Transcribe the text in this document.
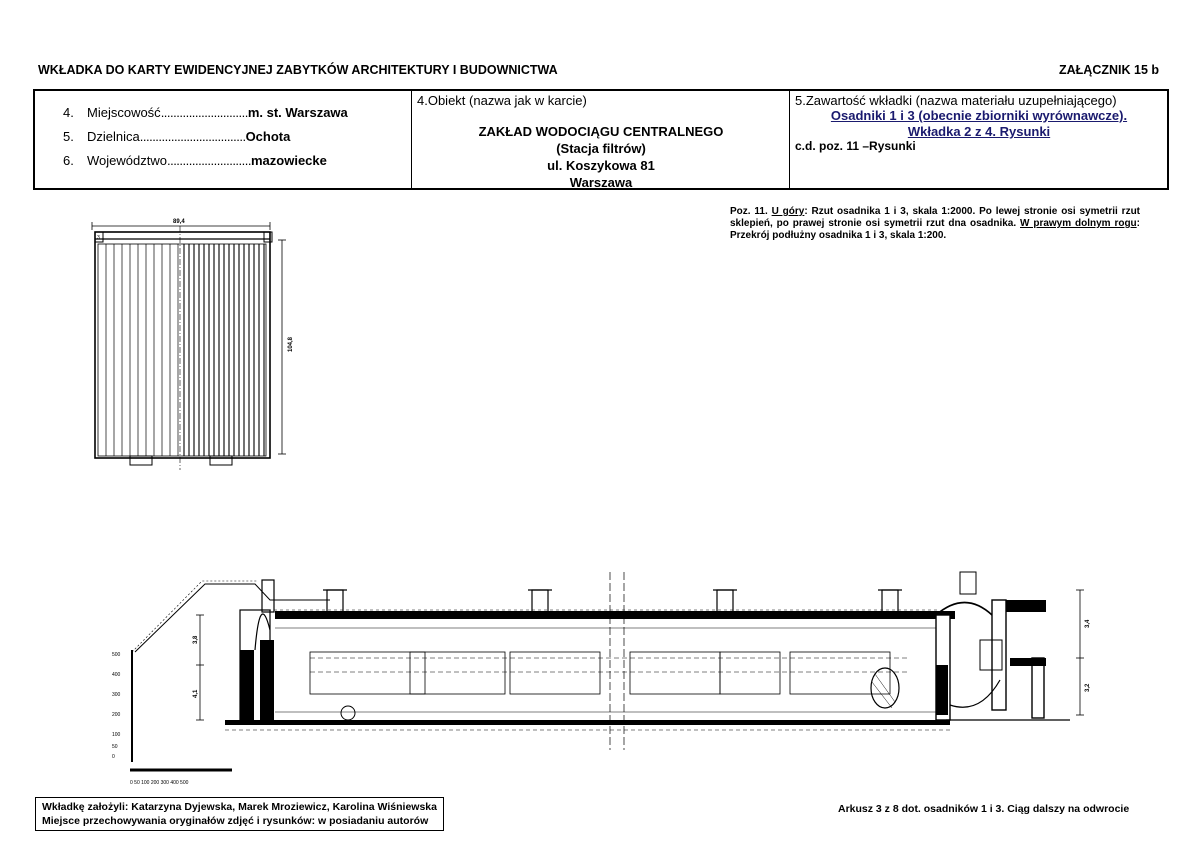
WKŁADKA DO KARTY EWIDENCYJNEJ ZABYTKÓW ARCHITEKTURY I BUDOWNICTWA	ZAŁĄCZNIK 15 b
4. Miejscowość............................m. st. Warszawa
5. Dzielnica..................................Ochota
6. Województwo...........................mazowiecke
4.Obiekt (nazwa jak w karcie)
ZAKŁAD WODOCIĄGU CENTRALNEGO
(Stacja filtrów)
ul. Koszykowa 81
Warszawa
5.Zawartość wkładki (nazwa materiału uzupełniającego)
Osadniki 1 i 3 (obecnie zbiorniki wyrównawcze).
Wkładka 2 z 4. Rysunki
c.d. poz. 11 –Rysunki
Poz. 11. U góry: Rzut osadnika 1 i 3, skala 1:2000. Po lewej stronie osi symetrii rzut sklepień, po prawej stronie osi symetrii rzut dna osadnika. W prawym dolnym rogu: Przekrój podłużny osadnika 1 i 3, skala 1:200.
89,4
104,8
3
500
400
300
200
100
50
0
0 50 100 200 300 400 500
3,8
4,1
3,4
3,2
Wkładkę założyli: Katarzyna Dyjewska, Marek Mroziewicz, Karolina Wiśniewska
Miejsce przechowywania oryginałów zdjęć i rysunków: w posiadaniu autorów
Arkusz 3 z 8 dot. osadników 1 i 3. Ciąg dalszy na odwrocie
